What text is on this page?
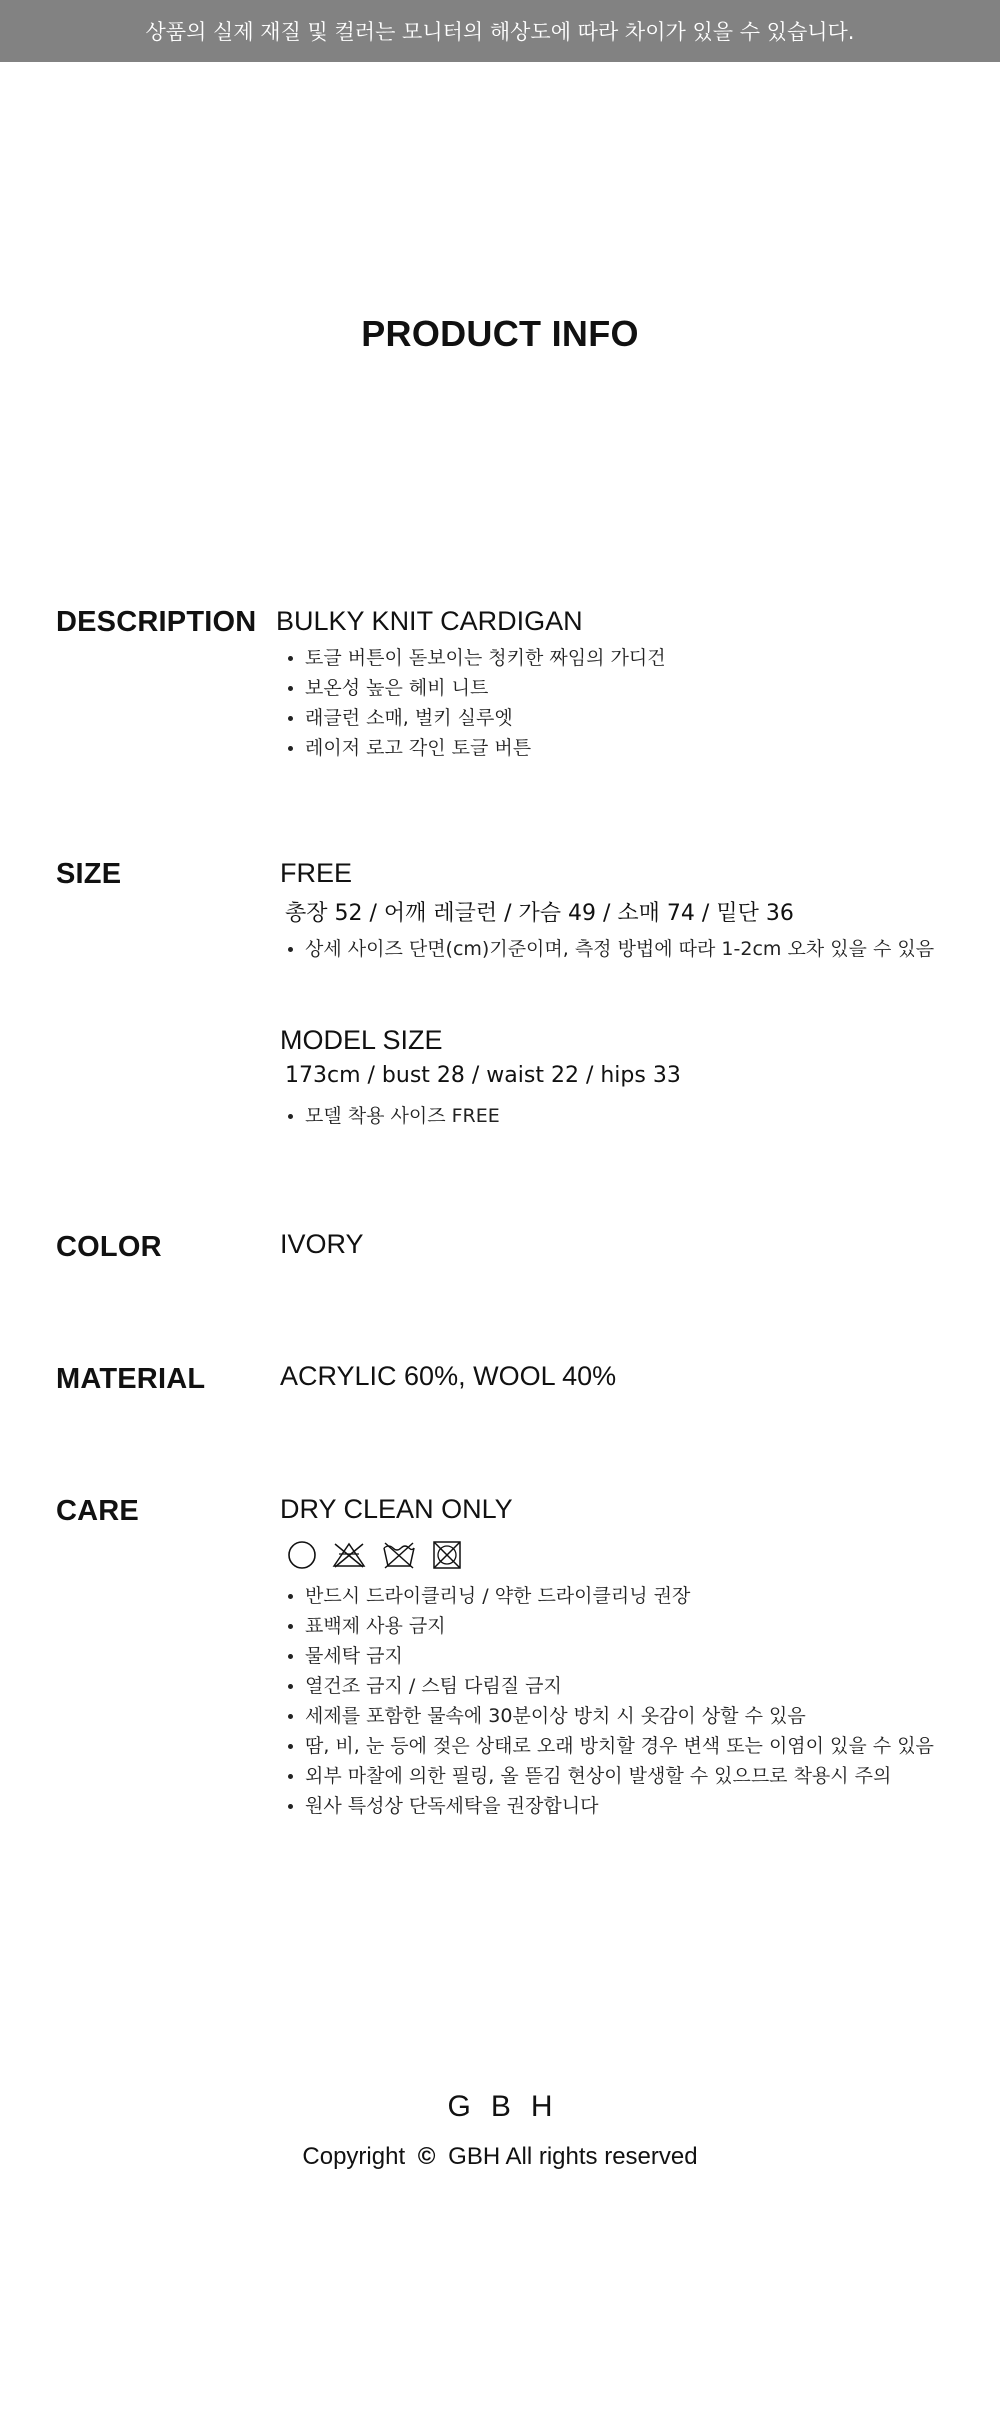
상품의 실제 재질 및 컬러는 모니터의 해상도에 따라 차이가 있을 수 있습니다.
PRODUCT INFO
DESCRIPTION BULKY KNIT CARDIGAN
토글 버튼이 돋보이는 청키한 짜임의 가디건
보온성 높은 헤비 니트
래글런 소매, 벌키 실루엣
레이저 로고 각인 토글 버튼
SIZE	FREE
총장 52 / 어깨 레글런 / 가슴 49 / 소매 74 / 밑단 36
상세 사이즈 단면(cm)기준이며, 측정 방법에 따라 1-2cm 오차 있을 수 있음
MODEL SIZE
173cm / bust 28 / waist 22 / hips 33
모델 착용 사이즈 FREE
COLOR	IVORY
MATERIAL	ACRYLIC 60%, WOOL 40%
CARE	DRY CLEAN ONLY
반드시 드라이클리닝 / 약한 드라이클리닝 권장
표백제 사용 금지
물세탁 금지
열건조 금지 / 스팀 다림질 금지
세제를 포함한 물속에 30분이상 방치 시 옷감이 상할 수 있음
땀, 비, 눈 등에 젖은 상태로 오래 방치할 경우 변색 또는 이염이 있을 수 있음
외부 마찰에 의한 필링, 올 뜯김 현상이 발생할 수 있으므로 착용시 주의
원사 특성상 단독세탁을 권장합니다
GBH
Copyright © GBH All rights reserved
